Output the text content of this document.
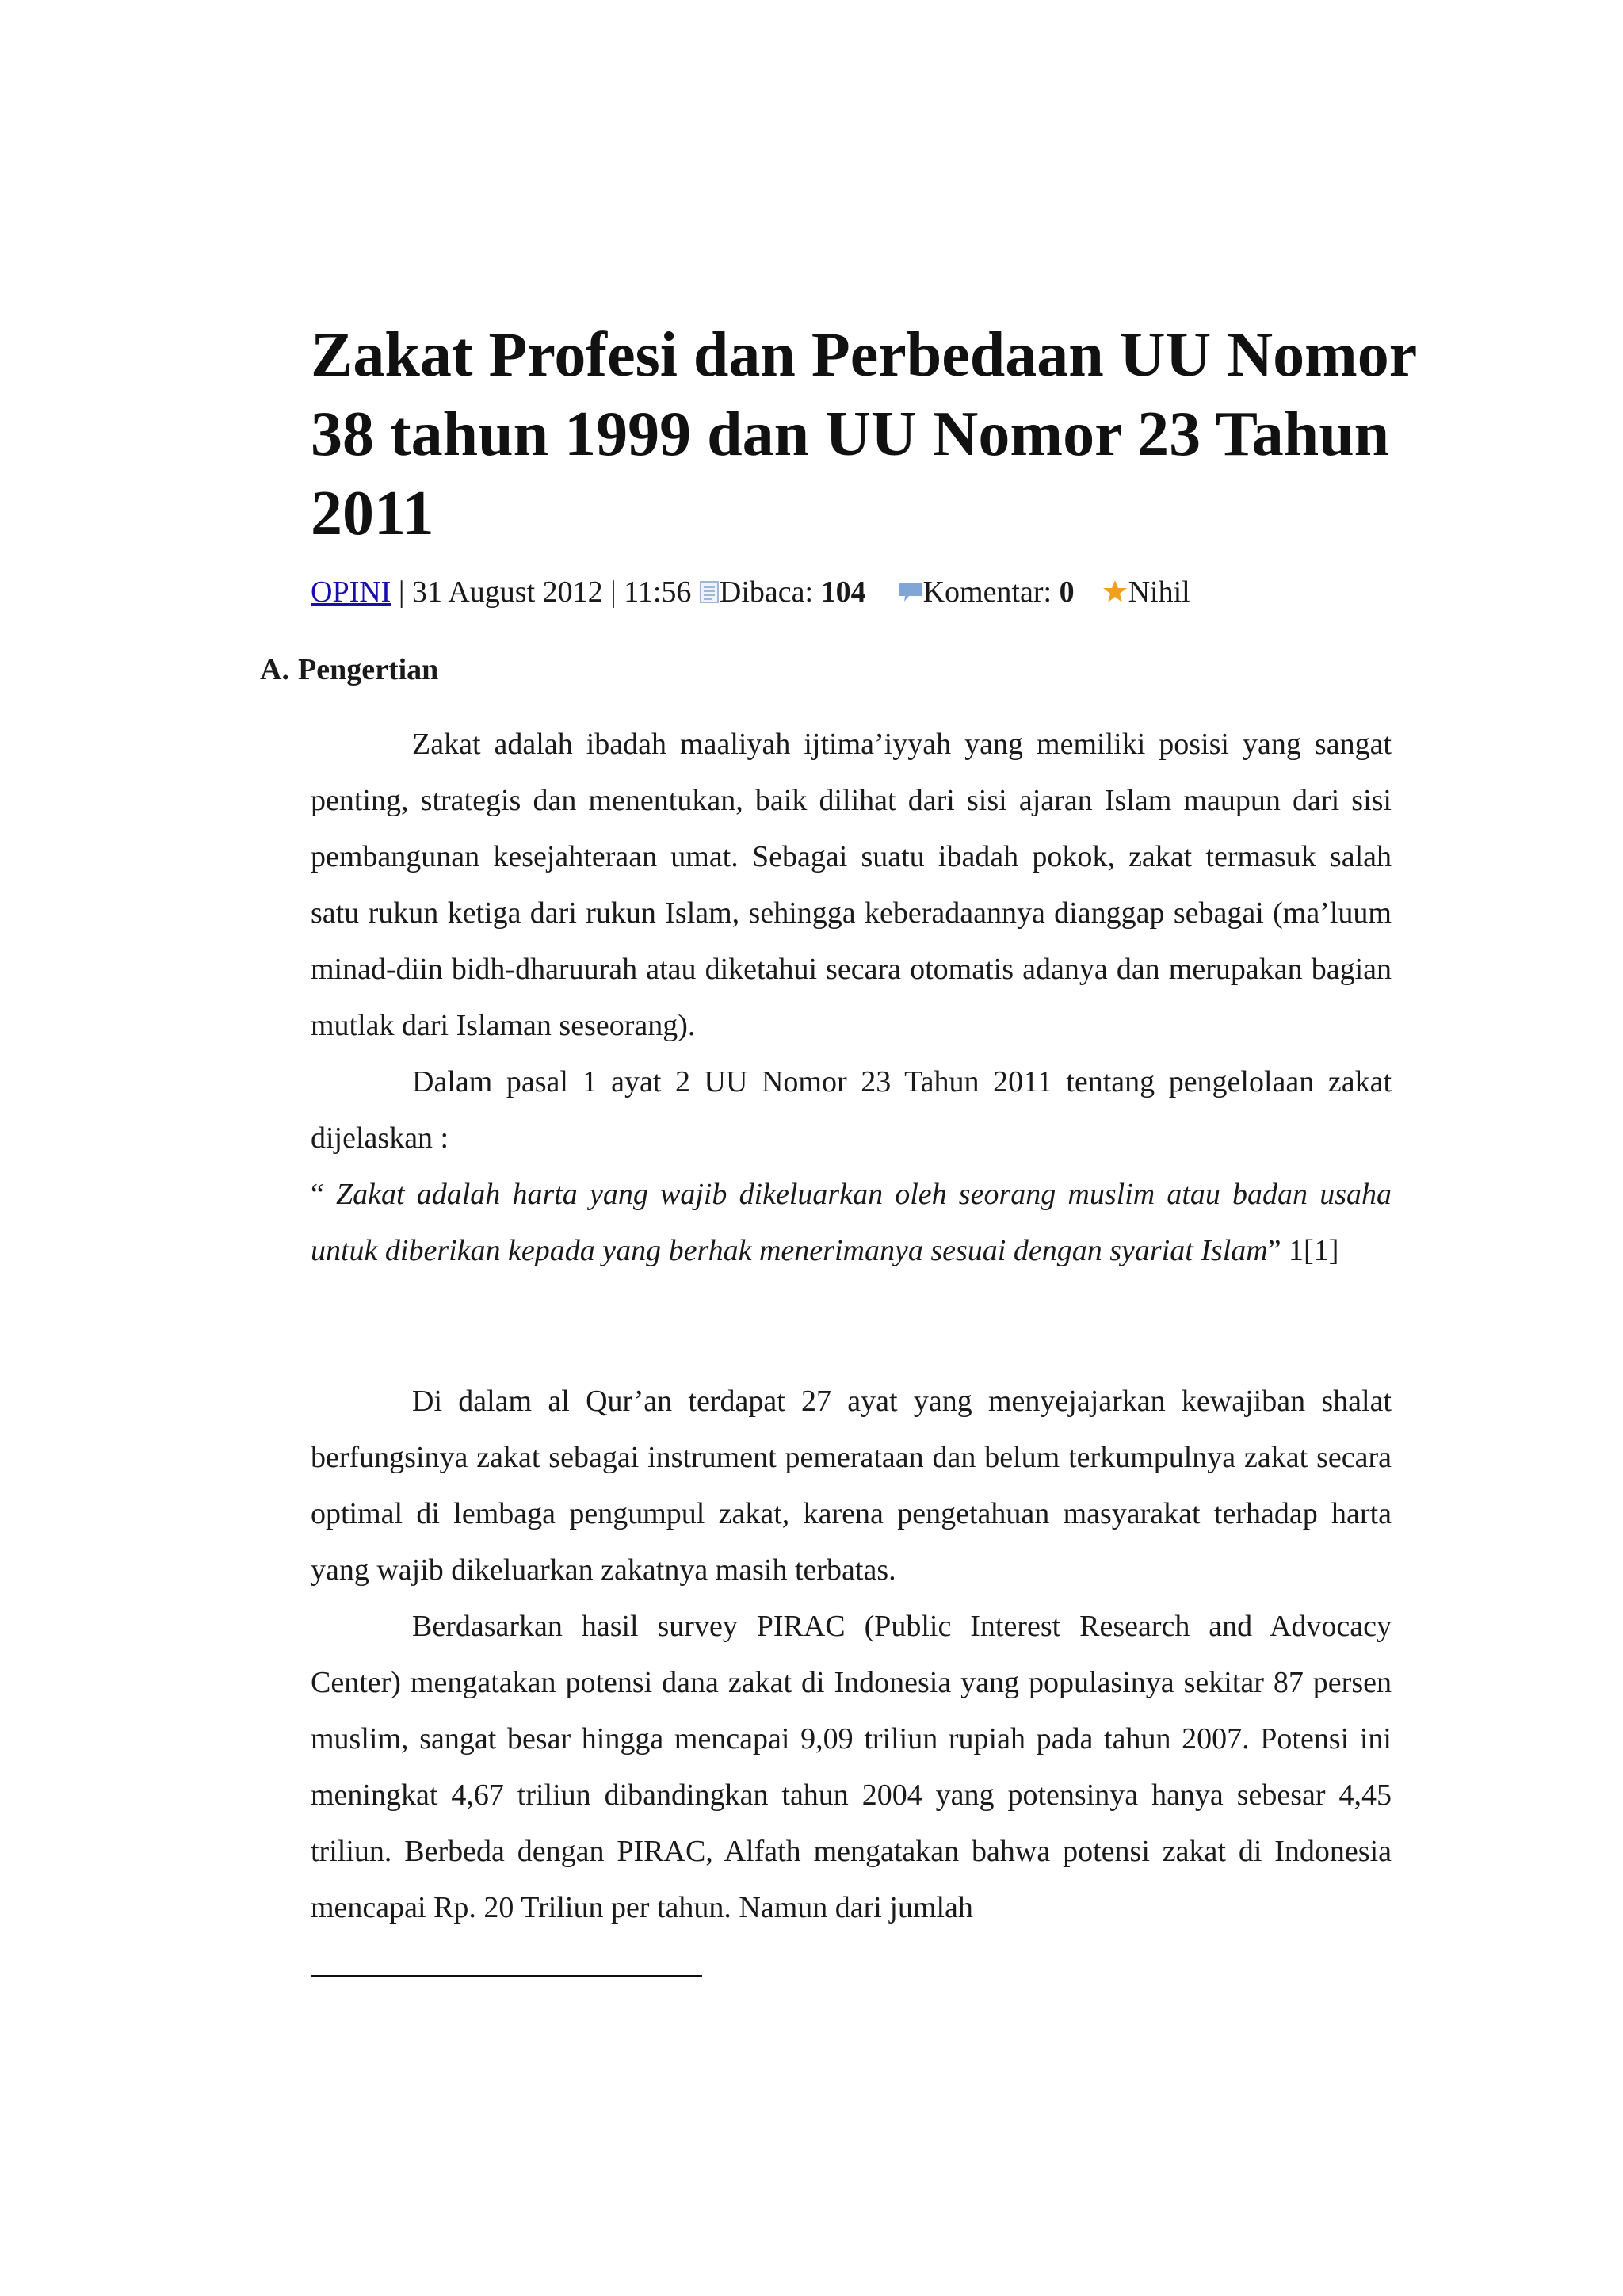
Zakat Profesi dan Perbedaan UU Nomor 38 tahun 1999 dan UU Nomor 23 Tahun 2011
OPINI | 31 August 2012 | 11:56 Dibaca: 104 Komentar: 0 Nihil
A. Pengertian

Zakat adalah ibadah maaliyah ijtima’iyyah yang memiliki posisi yang sangat penting, strategis dan menentukan, baik dilihat dari sisi ajaran Islam maupun dari sisi pembangunan kesejahteraan umat. Sebagai suatu ibadah pokok, zakat termasuk salah satu rukun ketiga dari rukun Islam, sehingga keberadaannya dianggap sebagai (ma’luum minad-diin bidh-dharuurah atau diketahui secara otomatis adanya dan merupakan bagian mutlak dari Islaman seseorang).

Dalam pasal 1 ayat 2 UU Nomor 23 Tahun 2011 tentang pengelolaan zakat dijelaskan :

“ Zakat adalah harta yang wajib dikeluarkan oleh seorang muslim atau badan usaha untuk diberikan kepada yang berhak menerimanya sesuai dengan syariat Islam” 1[1]

Di dalam al Qur’an terdapat 27 ayat yang menyejajarkan kewajiban shalat berfungsinya zakat sebagai instrument pemerataan dan belum terkumpulnya zakat secara optimal di lembaga pengumpul zakat, karena pengetahuan masyarakat terhadap harta yang wajib dikeluarkan zakatnya masih terbatas.

Berdasarkan hasil survey PIRAC (Public Interest Research and Advocacy Center) mengatakan potensi dana zakat di Indonesia yang populasinya sekitar 87 persen muslim, sangat besar hingga mencapai 9,09 triliun rupiah pada tahun 2007. Potensi ini meningkat 4,67 triliun dibandingkan tahun 2004 yang potensinya hanya sebesar 4,45 triliun. Berbeda dengan PIRAC, Alfath mengatakan bahwa potensi zakat di Indonesia mencapai Rp. 20 Triliun per tahun. Namun dari jumlah
